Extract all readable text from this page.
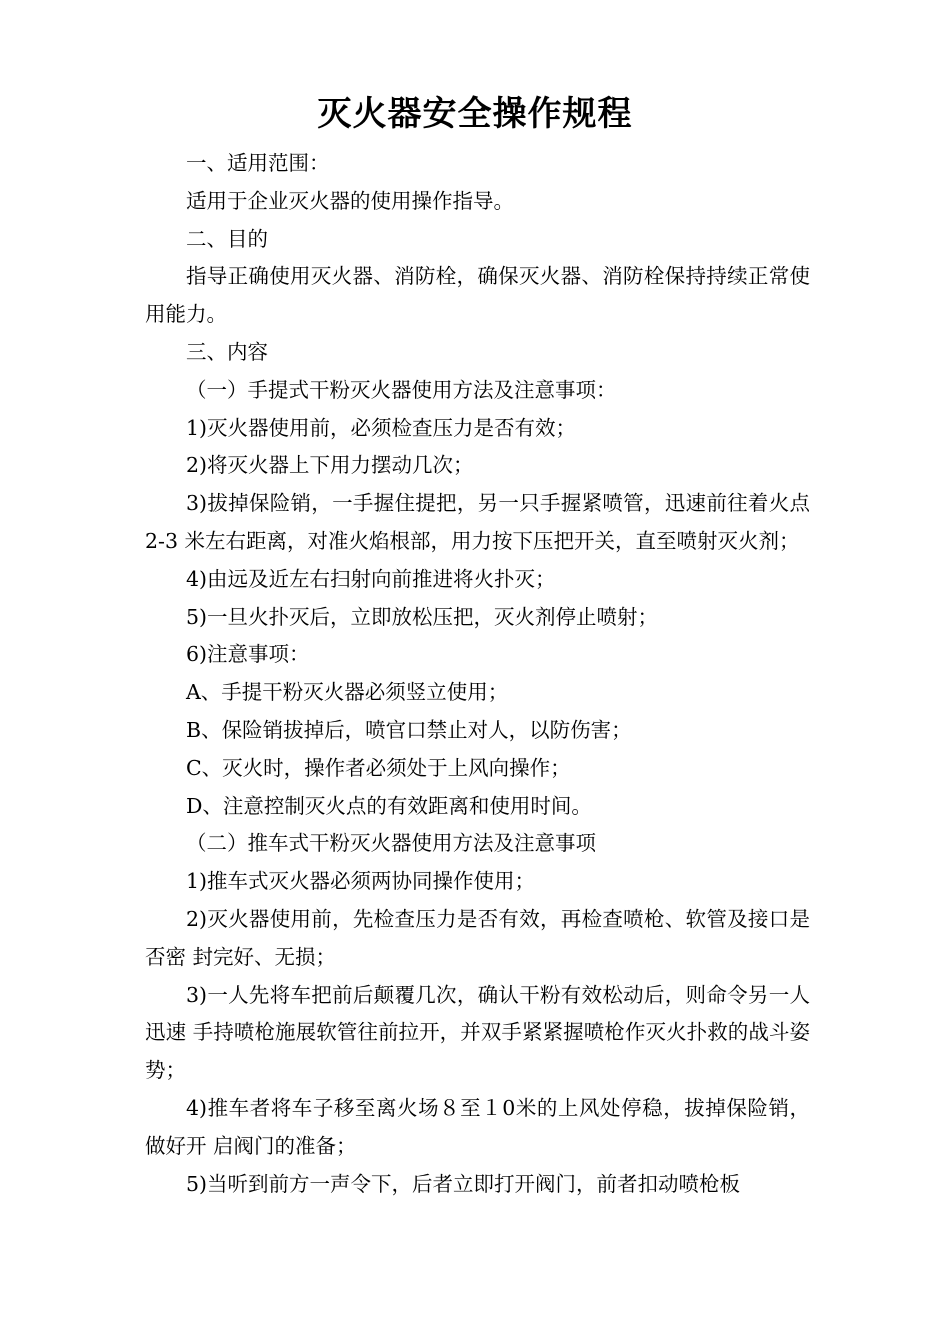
灭火器安全操作规程

一、适用范围：

适用于企业灭火器的使用操作指导。

二、目的

指导正确使用灭火器、消防栓，确保灭火器、消防栓保持持续正常使用能力。

三、内容

（一）手提式干粉灭火器使用方法及注意事项：

1)灭火器使用前，必须检查压力是否有效；

2)将灭火器上下用力摆动几次；

3)拔掉保险销，一手握住提把，另一只手握紧喷管，迅速前往着火点2-3 米左右距离，对准火焰根部，用力按下压把开关，直至喷射灭火剂；

4)由远及近左右扫射向前推进将火扑灭；

5)一旦火扑灭后，立即放松压把，灭火剂停止喷射；

6)注意事项：

A、手提干粉灭火器必须竖立使用；

B、保险销拔掉后，喷官口禁止对人，以防伤害；

C、灭火时，操作者必须处于上风向操作；

D、注意控制灭火点的有效距离和使用时间。

（二）推车式干粉灭火器使用方法及注意事项

1)推车式灭火器必须两协同操作使用；

2)灭火器使用前，先检查压力是否有效，再检查喷枪、软管及接口是否密 封完好、无损；

3)一人先将车把前后颠覆几次，确认干粉有效松动后，则命令另一人迅速 手持喷枪施展软管往前拉开，并双手紧紧握喷枪作灭火扑救的战斗姿势；

4)推车者将车子移至离火场８至１0米的上风处停稳，拔掉保险销，做好开 启阀门的准备；

5)当听到前方一声令下，后者立即打开阀门，前者扣动喷枪板
